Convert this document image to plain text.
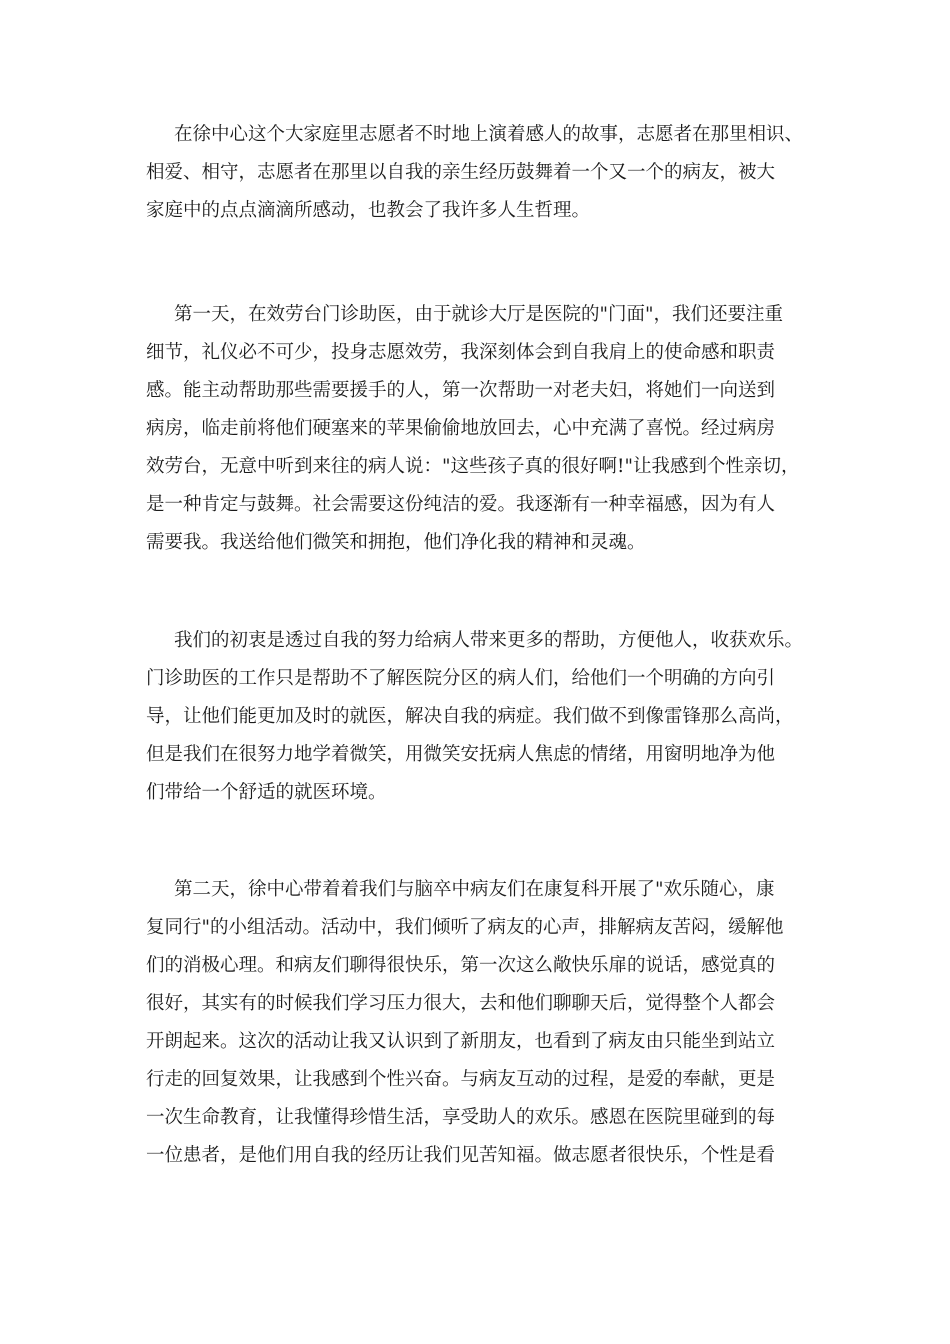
在徐中心这个大家庭里志愿者不时地上演着感人的故事，志愿者在那里相识、
相爱、相守，志愿者在那里以自我的亲生经历鼓舞着一个又一个的病友，被大
家庭中的点点滴滴所感动，也教会了我许多人生哲理。
第一天，在效劳台门诊助医，由于就诊大厅是医院的"门面"，我们还要注重
细节，礼仪必不可少，投身志愿效劳，我深刻体会到自我肩上的使命感和职责
感。能主动帮助那些需要援手的人，第一次帮助一对老夫妇，将她们一向送到
病房，临走前将他们硬塞来的苹果偷偷地放回去，心中充满了喜悦。经过病房
效劳台，无意中听到来往的病人说："这些孩子真的很好啊!"让我感到个性亲切，
是一种肯定与鼓舞。社会需要这份纯洁的爱。我逐渐有一种幸福感，因为有人
需要我。我送给他们微笑和拥抱，他们净化我的精神和灵魂。
我们的初衷是透过自我的努力给病人带来更多的帮助，方便他人，收获欢乐。
门诊助医的工作只是帮助不了解医院分区的病人们，给他们一个明确的方向引
导，让他们能更加及时的就医，解决自我的病症。我们做不到像雷锋那么高尚，
但是我们在很努力地学着微笑，用微笑安抚病人焦虑的情绪，用窗明地净为他
们带给一个舒适的就医环境。
第二天，徐中心带着着我们与脑卒中病友们在康复科开展了"欢乐随心，康
复同行"的小组活动。活动中，我们倾听了病友的心声，排解病友苦闷，缓解他
们的消极心理。和病友们聊得很快乐，第一次这么敞快乐扉的说话，感觉真的
很好，其实有的时候我们学习压力很大，去和他们聊聊天后，觉得整个人都会
开朗起来。这次的活动让我又认识到了新朋友，也看到了病友由只能坐到站立
行走的回复效果，让我感到个性兴奋。与病友互动的过程，是爱的奉献，更是
一次生命教育，让我懂得珍惜生活，享受助人的欢乐。感恩在医院里碰到的每
一位患者，是他们用自我的经历让我们见苦知福。做志愿者很快乐，个性是看
